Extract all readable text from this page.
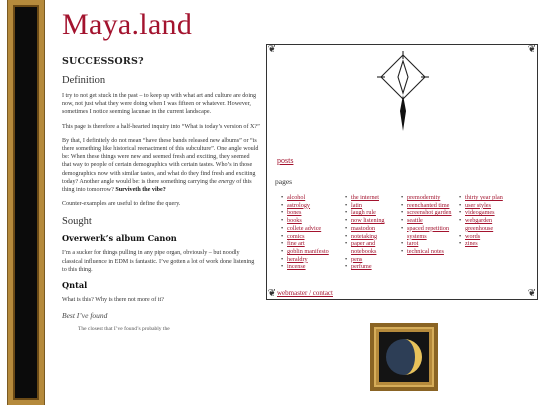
Maya.land
SUCCESSORS?
Definition

I try to not get stuck in the past – to keep up with what art and culture are doing now, not just what they were doing when I was fifteen or whatever. However, sometimes I notice seeming lacunae in the current landscape.

This page is therefore a half-hearted inquiry into “What is today’s version of X?”

By that, I definitely do not mean “have these bands released new albums” or “is there something like historical reenactment of this subculture”. One angle would be: When these things were new and seemed fresh and exciting, they seemed that way to people of certain demographics with certain tastes. Who’s in those demographics now with similar tastes, and what do they find fresh and exciting today? Another angle would be: is there something carrying the energy of this thing into tomorrow? Surviveth the vibe?

Counter-examples are useful to define the query.

Sought
Overwerk’s album Canon

I’m a sucker for things pulling in any pipe organ, obviously – but noodly classical influence in EDM is fantastic. I’ve gotten a lot of work done listening to this thing.

Qntal

What is this? Why is there not more of it?

Best I’ve found
The closest that I’ve found’s probably the
❦	❦
❦	❦
posts
pages
• alcohol
• astrology
• bones
• books
• collete advice
• comics
• fine art
• goblin manifesto
• heraldry
• incense
• the internet
• latin
• laugh rule
• now listening
• mastodon
• notetaking
• paper and notebooks
• pens
• perfume
• premodernity
• reenchanted time
• screenshot garden
• seattle
• spaced repetition systems
• tarot
• technical notes
• thirty year plan
• user styles
• videogames
• webgarden greenhouse
• words
• zines
webmaster / contact
